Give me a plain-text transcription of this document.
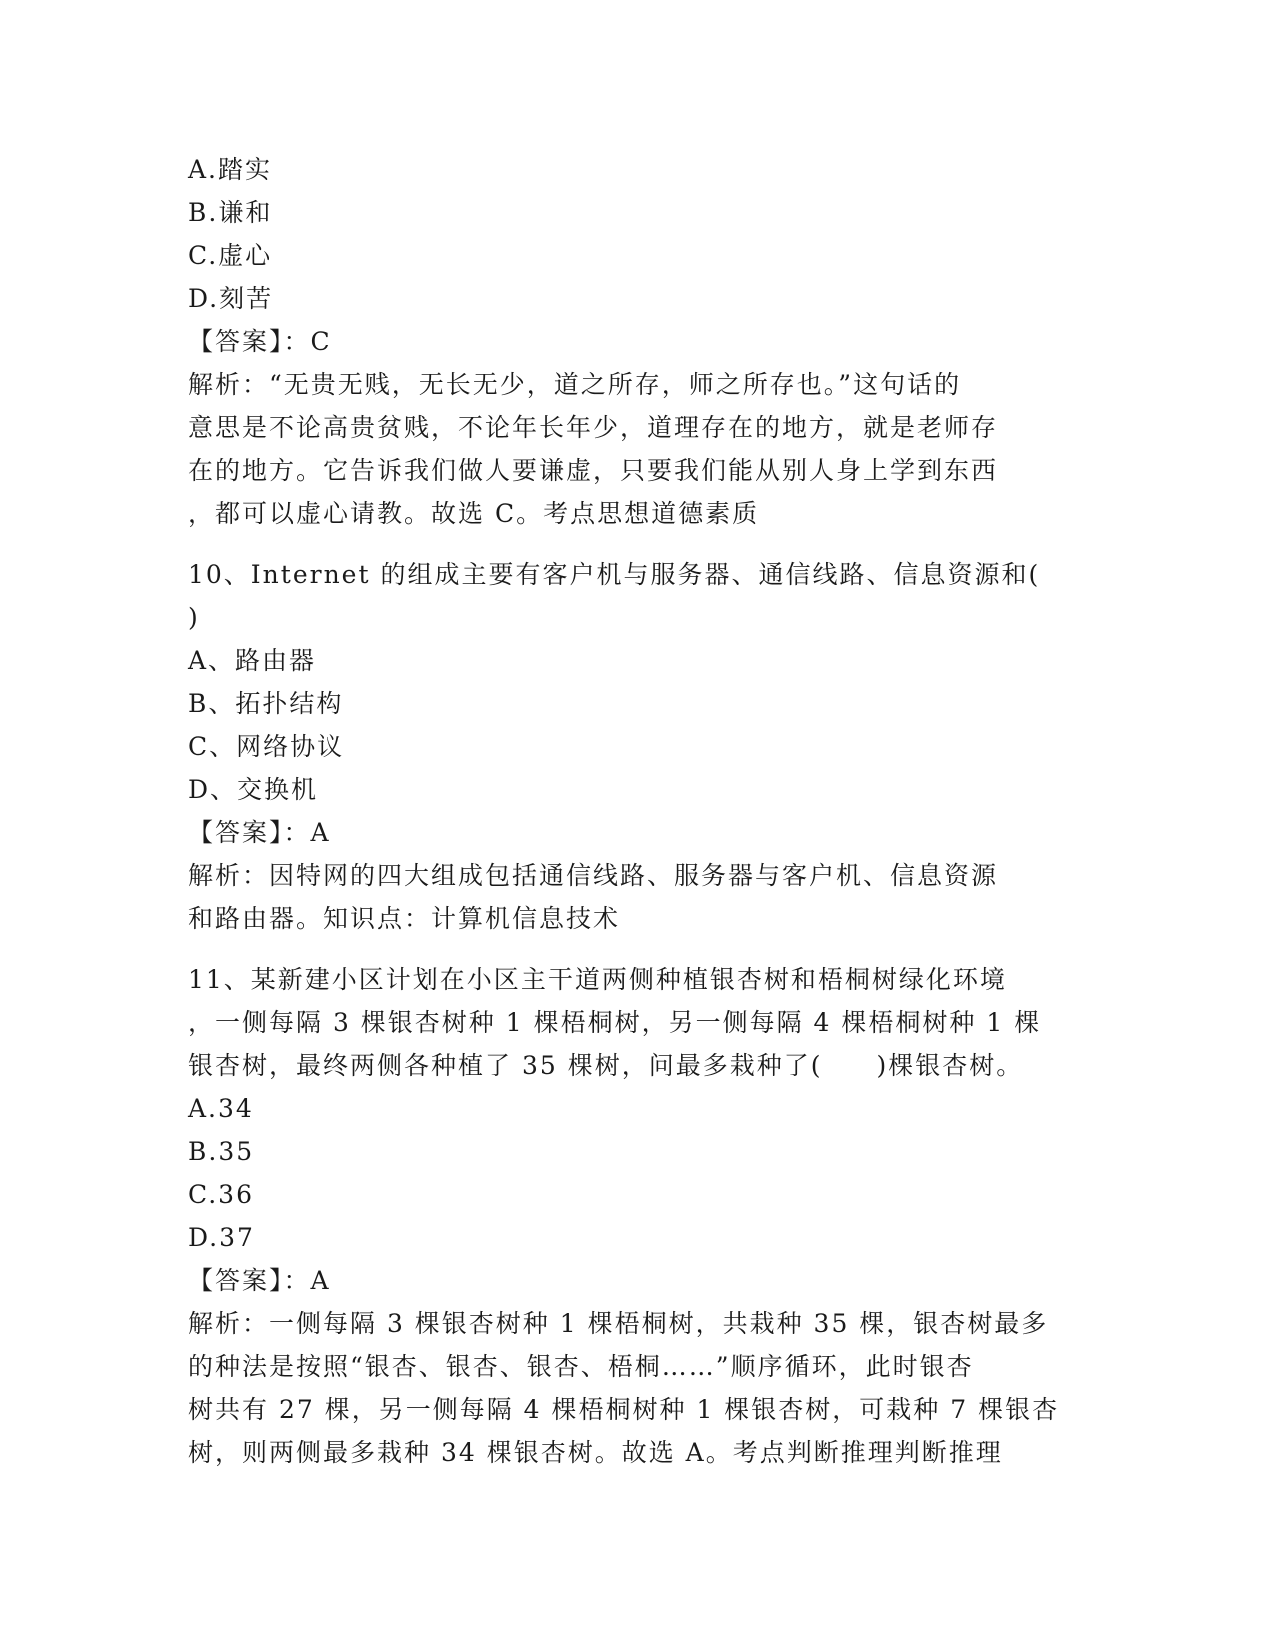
A.踏实
B.谦和
C.虚心
D.刻苦
【答案】：C
解析：“无贵无贱，无长无少，道之所存，师之所存也。”这句话的
意思是不论高贵贫贱，不论年长年少，道理存在的地方，就是老师存
在的地方。它告诉我们做人要谦虚，只要我们能从别人身上学到东西
，都可以虚心请教。故选 C。考点思想道德素质
10、Internet 的组成主要有客户机与服务器、通信线路、信息资源和(
)
A、路由器
B、拓扑结构
C、网络协议
D、交换机
【答案】：A
解析：因特网的四大组成包括通信线路、服务器与客户机、信息资源
和路由器。知识点：计算机信息技术
11、某新建小区计划在小区主干道两侧种植银杏树和梧桐树绿化环境
，一侧每隔 3 棵银杏树种 1 棵梧桐树，另一侧每隔 4 棵梧桐树种 1 棵
银杏树，最终两侧各种植了 35 棵树，问最多栽种了(　　)棵银杏树。
A.34
B.35
C.36
D.37
【答案】：A
解析：一侧每隔 3 棵银杏树种 1 棵梧桐树，共栽种 35 棵，银杏树最多
的种法是按照“银杏、银杏、银杏、梧桐……”顺序循环，此时银杏
树共有 27 棵，另一侧每隔 4 棵梧桐树种 1 棵银杏树，可栽种 7 棵银杏
树，则两侧最多栽种 34 棵银杏树。故选 A。考点判断推理判断推理
